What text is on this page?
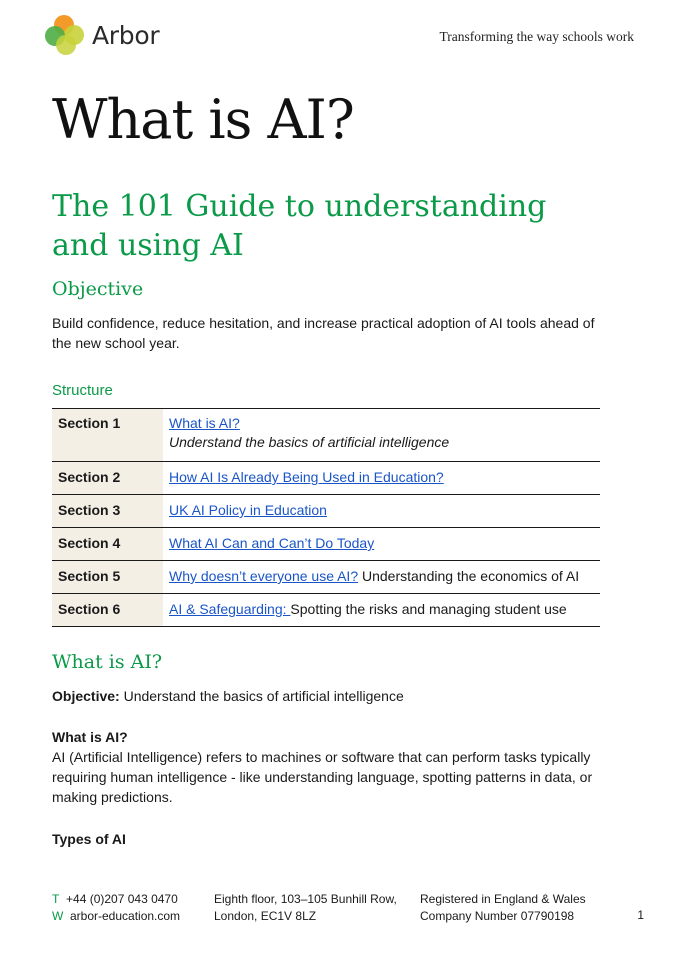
Arbor	Transforming the way schools work
What is AI?
The 101 Guide to understanding and using AI
Objective

Build confidence, reduce hesitation, and increase practical adoption of AI tools ahead of the new school year.

Structure
Section 1	What is AI?
Understand the basics of artificial intelligence

Section 2	How AI Is Already Being Used in Education?
Section 3	UK AI Policy in Education
Section 4	What AI Can and Can’t Do Today
Section 5	Why doesn’t everyone use AI? Understanding the economics of AI
Section 6	AI & Safeguarding: Spotting the risks and managing student use
What is AI?

Objective: Understand the basics of artificial intelligence

What is AI?

AI (Artificial Intelligence) refers to machines or software that can perform tasks typically requiring human intelligence - like understanding language, spotting patterns in data, or making predictions.

Types of AI

T +44 (0)207 043 0470
W arbor-education.com
Eighth floor, 103–105 Bunhill Row,
London, EC1V 8LZ
Registered in England & Wales
Company Number 07790198	1
